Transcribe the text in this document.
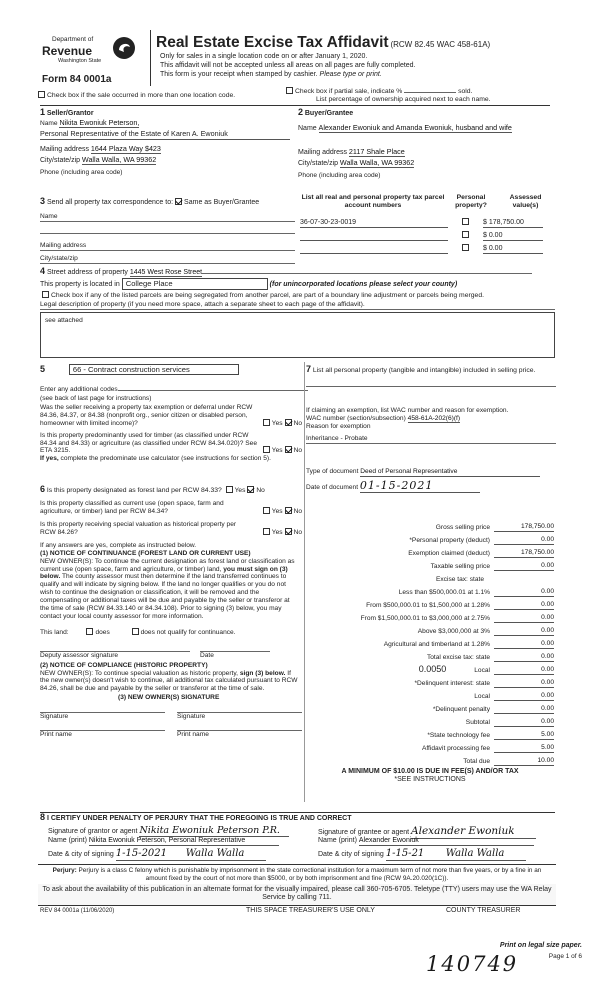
Department of
Revenue
Washington State
Form 84 0001a
Real Estate Excise Tax Affidavit (RCW 82.45 WAC 458-61A)
Only for sales in a single location code on or after January 1, 2020.
This affidavit will not be accepted unless all areas on all pages are fully completed.
This form is your receipt when stamped by cashier. Please type or print.
Check box if the sale occurred in more than one location code.
Check box if partial sale, indicate %	sold.
List percentage of ownership acquired next to each name.
1 Seller/Grantor
Name Nikita Ewoniuk Peterson,
Personal Representative of the Estate of Karen A. Ewoniuk
Mailing address 1644 Plaza Way $423
City/state/zip Walla Walla, WA 99362
Phone (including area code)
2 Buyer/Grantee
Name Alexander Ewoniuk and Amanda Ewoniuk, husband and wife
Mailing address 2117 Shale Place
City/state/zip Walla Walla, WA 99362
Phone (including area code)
3 Send all property tax correspondence to: Same as Buyer/Grantee
Name
Mailing address
City/state/zip
List all real and personal property tax parcel account numbers
Personal property?
Assessed value(s)
36-07-30-23-0019	$ 178,750.00
$ 0.00
$ 0.00
4 Street address of property 1445 West Rose Street
This property is located in College Place	(for unincorporated locations please select your county)
Check box if any of the listed parcels are being segregated from another parcel, are part of a boundary line adjustment or parcels being merged.
Legal description of property (if you need more space, attach a separate sheet to each page of the affidavit).
see attached
5	66 - Contract construction services
Enter any additional codes
(see back of last page for instructions)
Was the seller receiving a property tax exemption or deferral under RCW 84.36, 84.37, or 84.38 (nonprofit org., senior citizen or disabled person, homeowner with limited income)?	Yes No
Is this property predominantly used for timber (as classified under RCW 84.34 and 84.33) or agriculture (as classified under RCW 84.34.020)? See ETA 3215.	Yes No
If yes, complete the predominate use calculator (see instructions for section 5).
6 Is this property designated as forest land per RCW 84.33? Yes No
Is this property classified as current use (open space, farm and agriculture, or timber) land per RCW 84.34?	Yes No
Is this property receiving special valuation as historical property per RCW 84.26?	Yes No
If any answers are yes, complete as instructed below.
(1) NOTICE OF CONTINUANCE (FOREST LAND OR CURRENT USE)
NEW OWNER(S): To continue the current designation as forest land or classification as current use (open space, farm and agriculture, or timber) land, you must sign on (3) below. The county assessor must then determine if the land transferred continues to qualify and will indicate by signing below. If the land no longer qualifies or you do not wish to continue the designation or classification, it will be removed and the compensating or additional taxes will be due and payable by the seller or transferor at the time of sale (RCW 84.33.140 or 84.34.108). Prior to signing (3) below, you may contact your local county assessor for more information.
This land:	does	does not qualify for continuance.
Deputy assessor signature	Date
(2) NOTICE OF COMPLIANCE (HISTORIC PROPERTY)
NEW OWNER(S): To continue special valuation as historic property, sign (3) below. If the new owner(s) doesn't wish to continue, all additional tax calculated pursuant to RCW 84.26, shall be due and payable by the seller or transferor at the time of sale.
(3) NEW OWNER(S) SIGNATURE
Signature	Signature
Print name	Print name
7 List all personal property (tangible and intangible) included in selling price.
If claiming an exemption, list WAC number and reason for exemption.
WAC number (section/subsection) 458-61A-202(6)(f)
Reason for exemption
Inheritance - Probate
Type of document Deed of Personal Representative
Date of document 01-15-2021
Gross selling price	178,750.00
*Personal property (deduct)	0.00
Exemption claimed (deduct)	178,750.00
Taxable selling price	0.00
Excise tax: state
Less than $500,000.01 at 1.1%	0.00
From $500,000.01 to $1,500,000 at 1.28%	0.00
From $1,500,000.01 to $3,000,000 at 2.75%	0.00
Above $3,000,000 at 3%	0.00
Agricultural and timberland at 1.28%	0.00
Total excise tax: state	0.00
0.0050	Local	0.00
*Delinquent interest: state	0.00
Local	0.00
*Delinquent penalty	0.00
Subtotal	0.00
*State technology fee	5.00
Affidavit processing fee	5.00
Total due	10.00
A MINIMUM OF $10.00 IS DUE IN FEE(S) AND/OR TAX
*SEE INSTRUCTIONS
8 I CERTIFY UNDER PENALTY OF PERJURY THAT THE FOREGOING IS TRUE AND CORRECT
Signature of grantor or agent Nikita Ewoniuk Peterson P.R.
Name (print) Nikita Ewoniuk Peterson, Personal Representative
Date & city of signing 1-15-2021 Walla Walla
Signature of grantee or agent Alexander Ewoniuk
Name (print) Alexander Ewoniuk
Date & city of signing 1-15-21 Walla Walla
Perjury: Perjury is a class C felony which is punishable by imprisonment in the state correctional institution for a maximum term of not more than five years, or by a fine in an amount fixed by the court of not more than $5000, or by both imprisonment and fine (RCW 9A.20.020(1C)).
To ask about the availability of this publication in an alternate format for the visually impaired, please call 360-705-6705. Teletype (TTY) users may use the WA Relay Service by calling 711.
REV 84 0001a (11/06/2020)	THIS SPACE TREASURER'S USE ONLY	COUNTY TREASURER
Print on legal size paper.
Page 1 of 6
140749
